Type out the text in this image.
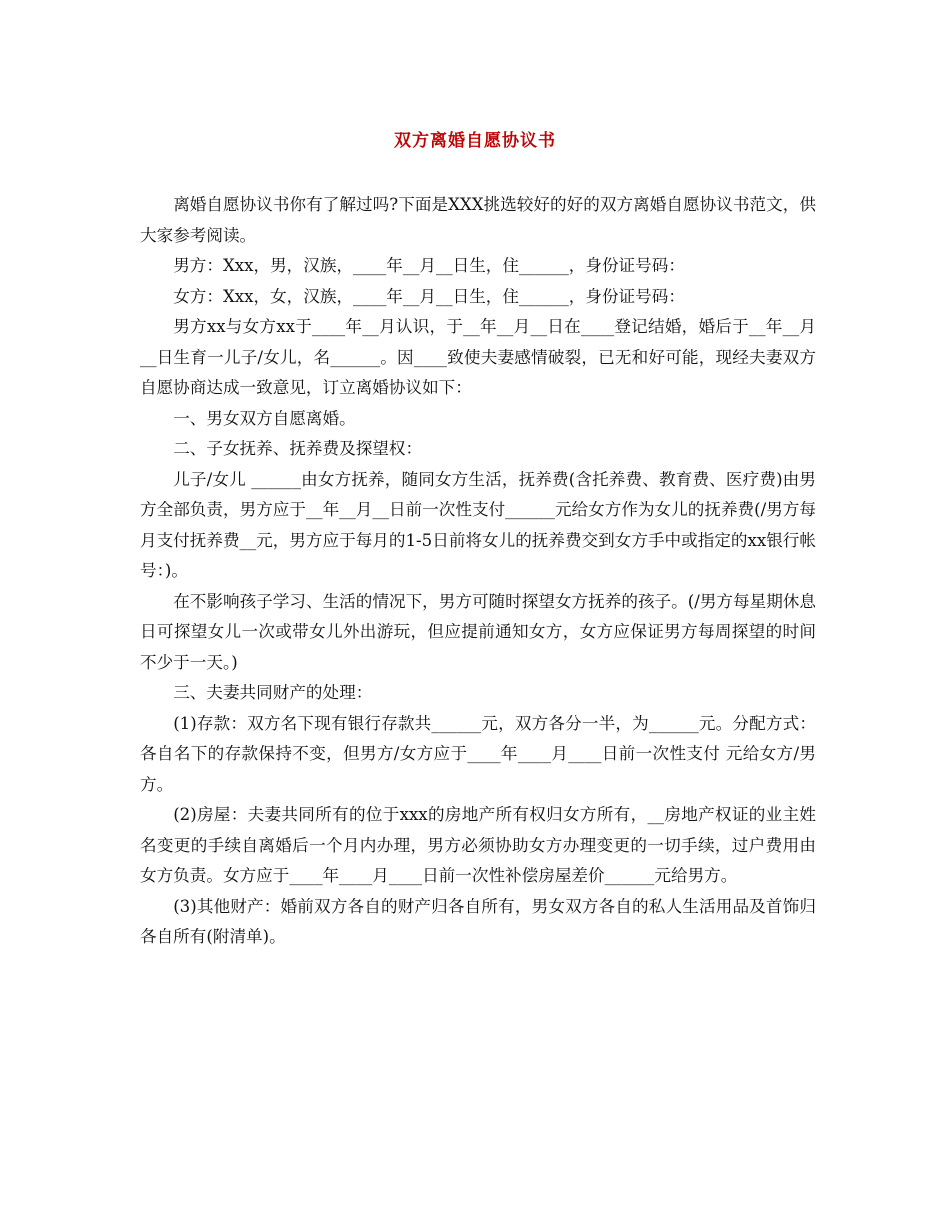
双方离婚自愿协议书

离婚自愿协议书你有了解过吗?下面是XXX挑选较好的好的双方离婚自愿协议书范文，供大家参考阅读。

男方：Xxx，男，汉族，____年__月__日生，住______，身份证号码：

女方：Xxx，女，汉族，____年__月__日生，住______，身份证号码：

男方xx与女方xx于____年__月认识，于__年__月__日在____登记结婚，婚后于__年__月__日生育一儿子/女儿，名______。因____致使夫妻感情破裂，已无和好可能，现经夫妻双方自愿协商达成一致意见，订立离婚协议如下：

一、男女双方自愿离婚。

二、子女抚养、抚养费及探望权：

儿子/女儿 ______由女方抚养，随同女方生活，抚养费(含托养费、教育费、医疗费)由男方全部负责，男方应于__年__月__日前一次性支付______元给女方作为女儿的抚养费(/男方每月支付抚养费__元，男方应于每月的1-5日前将女儿的抚养费交到女方手中或指定的xx银行帐号：)。

在不影响孩子学习、生活的情况下，男方可随时探望女方抚养的孩子。(/男方每星期休息日可探望女儿一次或带女儿外出游玩，但应提前通知女方，女方应保证男方每周探望的时间不少于一天。)

三、夫妻共同财产的处理：

(1)存款：双方名下现有银行存款共______元，双方各分一半，为______元。分配方式：各自名下的存款保持不变，但男方/女方应于____年____月____日前一次性支付 元给女方/男方。

(2)房屋：夫妻共同所有的位于xxx的房地产所有权归女方所有，__房地产权证的业主姓名变更的手续自离婚后一个月内办理，男方必须协助女方办理变更的一切手续，过户费用由女方负责。女方应于____年____月____日前一次性补偿房屋差价______元给男方。

(3)其他财产：婚前双方各自的财产归各自所有，男女双方各自的私人生活用品及首饰归各自所有(附清单)。
